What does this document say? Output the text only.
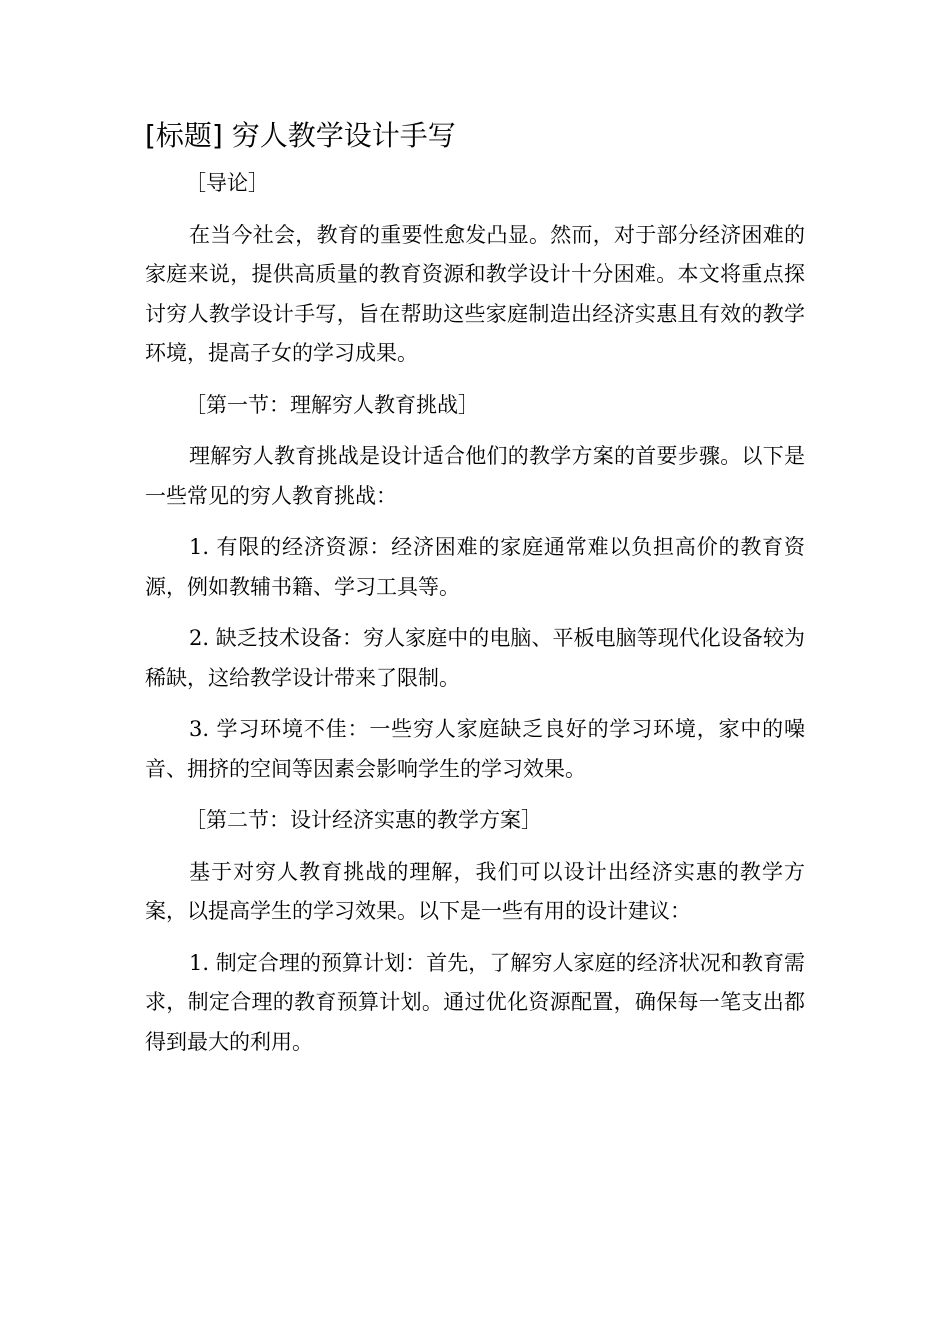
[标题] 穷人教学设计手写

［导论］

在当今社会，教育的重要性愈发凸显。然而，对于部分经济困难的家庭来说，提供高质量的教育资源和教学设计十分困难。本文将重点探讨穷人教学设计手写，旨在帮助这些家庭制造出经济实惠且有效的教学环境，提高子女的学习成果。

［第一节：理解穷人教育挑战］

理解穷人教育挑战是设计适合他们的教学方案的首要步骤。以下是一些常见的穷人教育挑战：

1. 有限的经济资源：经济困难的家庭通常难以负担高价的教育资源，例如教辅书籍、学习工具等。

2. 缺乏技术设备：穷人家庭中的电脑、平板电脑等现代化设备较为稀缺，这给教学设计带来了限制。

3. 学习环境不佳：一些穷人家庭缺乏良好的学习环境，家中的噪音、拥挤的空间等因素会影响学生的学习效果。

［第二节：设计经济实惠的教学方案］

基于对穷人教育挑战的理解，我们可以设计出经济实惠的教学方案，以提高学生的学习效果。以下是一些有用的设计建议：

1. 制定合理的预算计划：首先，了解穷人家庭的经济状况和教育需求，制定合理的教育预算计划。通过优化资源配置，确保每一笔支出都得到最大的利用。
